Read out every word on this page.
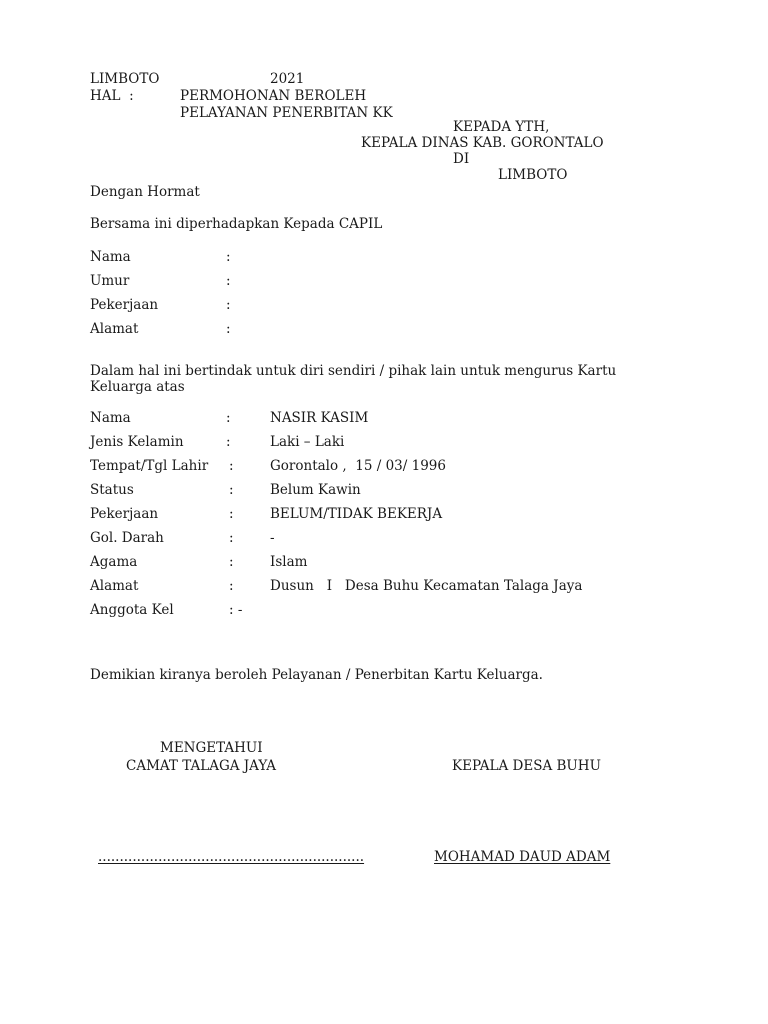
LIMBOTO	2021
HAL  :	PERMOHONAN BEROLEH
PELAYANAN PENERBITAN KK
KEPADA YTH,
KEPALA DINAS KAB. GORONTALO
DI
LIMBOTO
Dengan Hormat
Bersama ini diperhadapkan Kepada CAPIL
Nama	:
Umur	:
Pekerjaan	:
Alamat	:
Dalam hal ini bertindak untuk diri sendiri / pihak lain untuk mengurus Kartu
Keluarga atas
Nama	:	NASIR KASIM
Jenis Kelamin	:	Laki – Laki
Tempat/Tgl Lahir :	Gorontalo ,  15 / 03/ 1996
Status	:	Belum Kawin
Pekerjaan	:	BELUM/TIDAK BEKERJA
Gol. Darah	:	-
Agama	:	Islam
Alamat	:	Dusun   I   Desa Buhu Kecamatan Talaga Jaya
Anggota Kel	: -
Demikian kiranya beroleh Pelayanan / Penerbitan Kartu Keluarga.
MENGETAHUI
CAMAT TALAGA JAYA	KEPALA DESA BUHU
..............................................................	MOHAMAD DAUD ADAM
